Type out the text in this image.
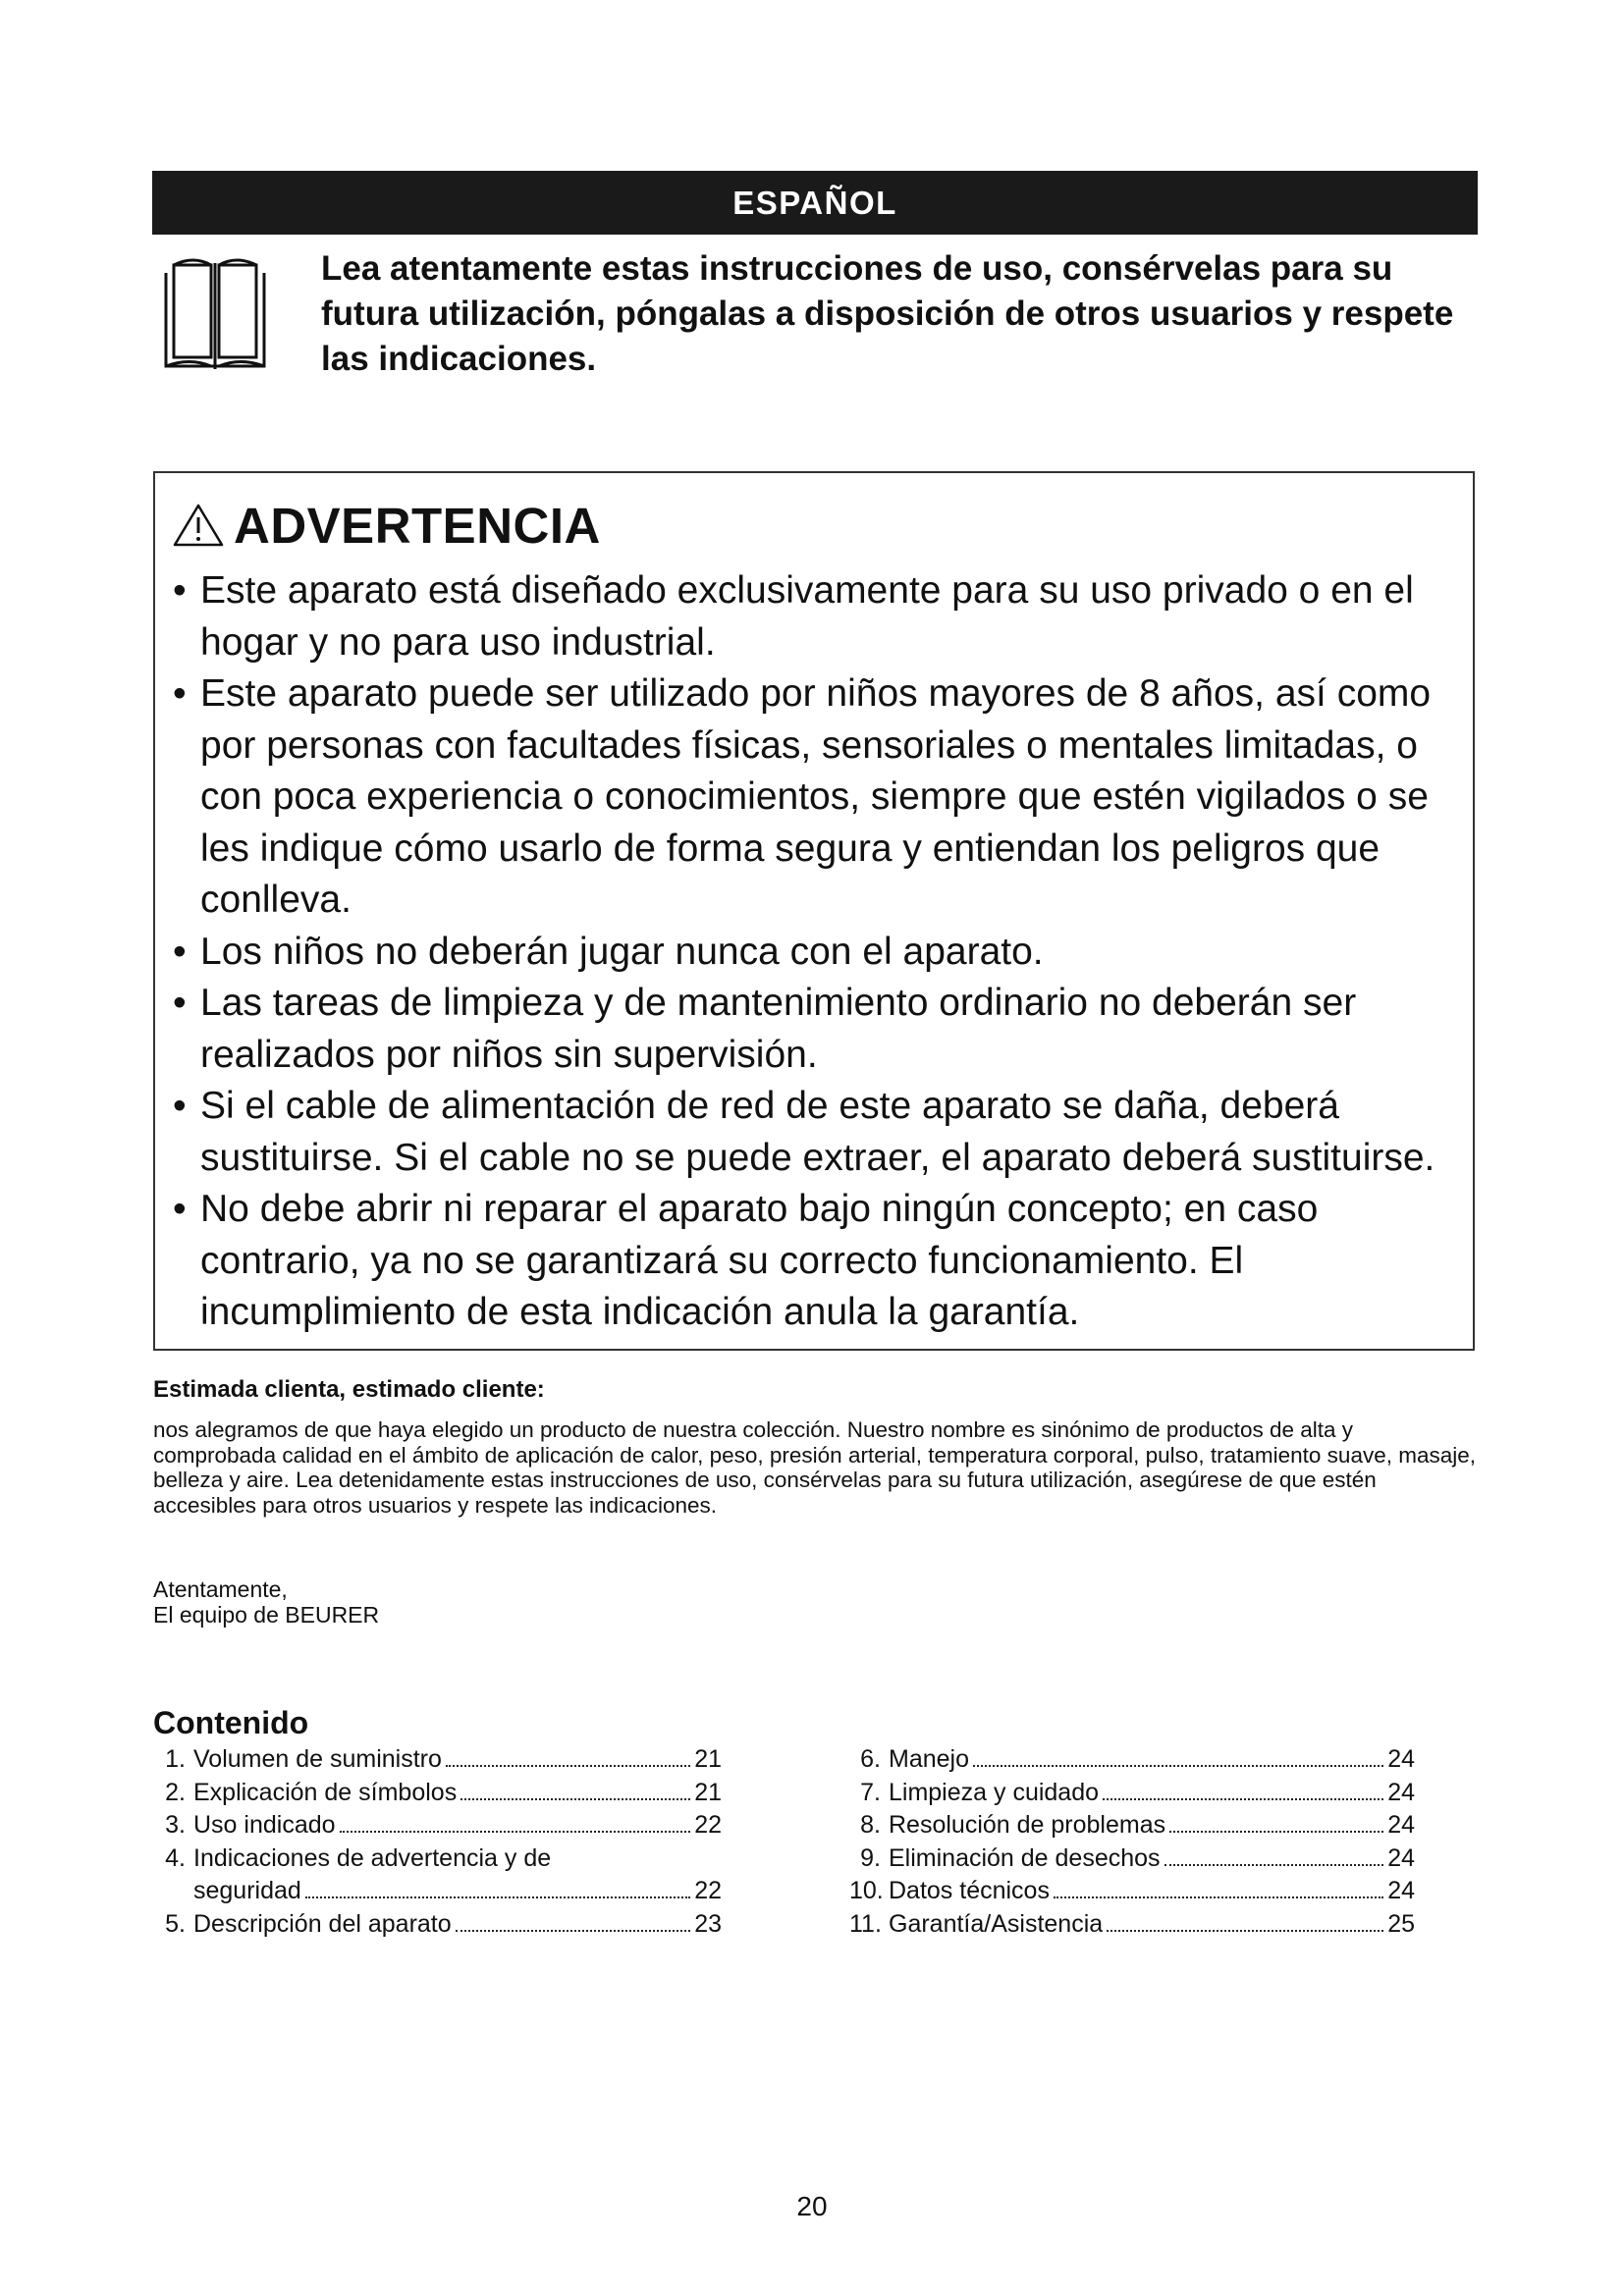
ESPAÑOL
Lea atentamente estas instrucciones de uso, consérvelas para su futura utilización, póngalas a disposición de otros usuarios y respete las indicaciones.
ADVERTENCIA
• Este aparato está diseñado exclusivamente para su uso privado o en el hogar y no para uso industrial.
• Este aparato puede ser utilizado por niños mayores de 8 años, así como por personas con facultades físicas, sensoriales o mentales limitadas, o con poca experiencia o conocimientos, siempre que estén vigilados o se les indique cómo usarlo de forma segura y entiendan los peligros que conlleva.
• Los niños no deberán jugar nunca con el aparato.
• Las tareas de limpieza y de mantenimiento ordinario no deberán ser realizados por niños sin supervisión.
• Si el cable de alimentación de red de este aparato se daña, deberá sustituirse. Si el cable no se puede extraer, el aparato deberá sustituirse.
• No debe abrir ni reparar el aparato bajo ningún concepto; en caso contrario, ya no se garantizará su correcto funcionamiento. El incumplimiento de esta indicación anula la garantía.
Estimada clienta, estimado cliente:
nos alegramos de que haya elegido un producto de nuestra colección. Nuestro nombre es sinónimo de productos de alta y comprobada calidad en el ámbito de aplicación de calor, peso, presión arterial, temperatura corporal, pulso, tratamiento suave, masaje, belleza y aire. Lea detenidamente estas instrucciones de uso, consérvelas para su futura utilización, asegúrese de que estén accesibles para otros usuarios y respete las indicaciones.
Atentamente,
El equipo de BEURER
Contenido
1. Volumen de suministro	21
2. Explicación de símbolos	21
3. Uso indicado	22
4. Indicaciones de advertencia y de
seguridad	22
5. Descripción del aparato	23
6. Manejo	24
7. Limpieza y cuidado	24
8. Resolución de problemas	24
9. Eliminación de desechos	24
10. Datos técnicos	24
11. Garantía/Asistencia	25
20
